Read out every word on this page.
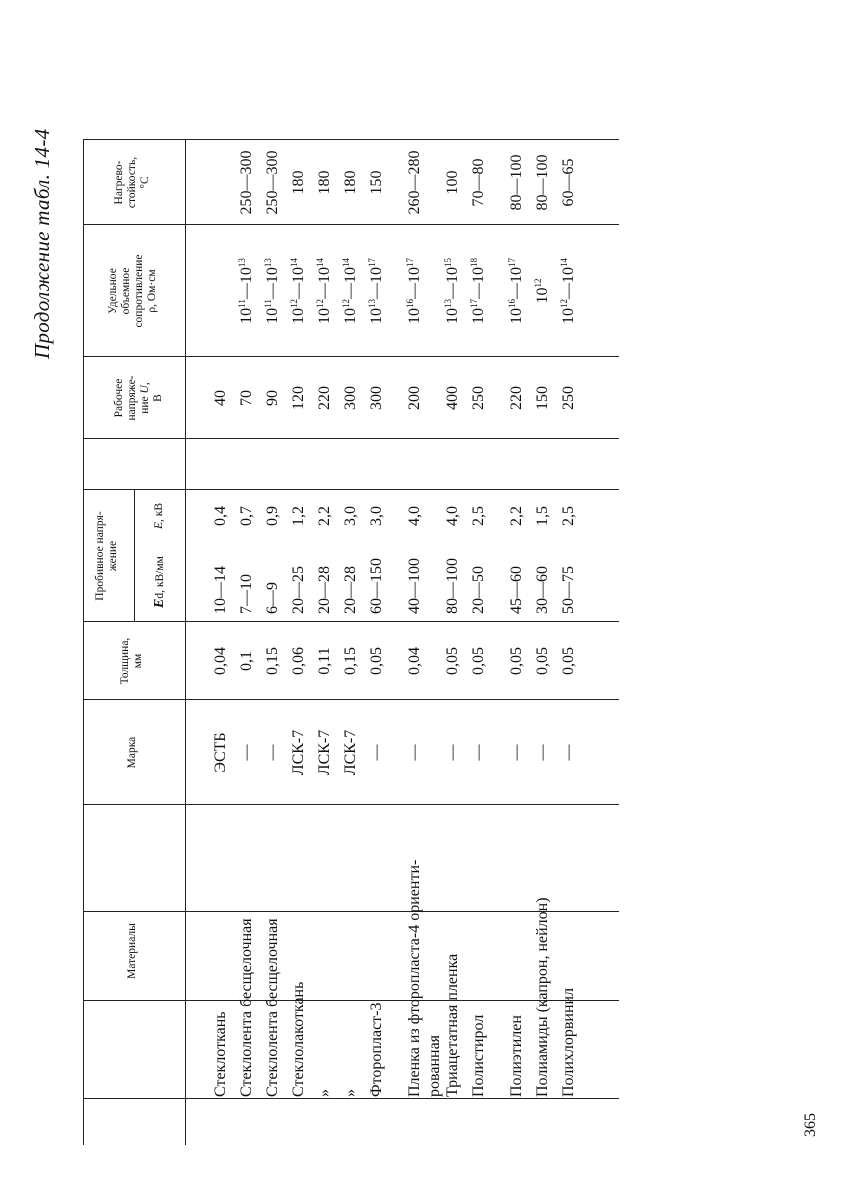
Продолжение табл. 14-4
365
Материалы
Марка
Толщина,
мм
Пробивное напря-
жение
Ed, кВ/мм
E, кВ
Рабочее
напряже-
ние U,
В
Удельное
объемное
сопротивление
ρ, Ом·см
Нагрево-
стойкость,
°С
Стеклоткань
ЭСТБ
0,04
10—14
0,4
40
Стеклолента бесщелочная
—
0,1
7—10
0,7
70
$10^{11}—10^{13}$
250—300
Стеклолента бесщелочная
—
0,15
6—9
0,9
90
$10^{11}—10^{13}$
250—300
Стеклолакоткань
ЛСК-7
0,06
20—25
1,2
120
$10^{12}—10^{14}$
180
»
ЛСК-7
0,11
20—28
2,2
220
$10^{12}—10^{14}$
180
»
ЛСК-7
0,15
20—28
3,0
300
$10^{12}—10^{14}$
180
Фторопласт-3
—
0,05
60—150
3,0
300
$10^{13}—10^{17}$
150
Пленка из фторопласта-4 ориенти- рованная
—
0,04
40—100
4,0
200
$10^{16}—10^{17}$
260—280
Триацетатная пленка
—
0,05
80—100
4,0
400
$10^{13}—10^{15}$
100
Полистирол
—
0,05
20—50
2,5
250
$10^{17}—10^{18}$
70—80
Полиэтилен
—
0,05
45—60
2,2
220
$10^{16}—10^{17}$
80—100
Полиамиды (капрон, нейлон)
—
0,05
30—60
1,5
150
$10^{12}$
80—100
Полихлорвинил
—
0,05
50—75
2,5
250
$10^{12}—10^{14}$
60—65
